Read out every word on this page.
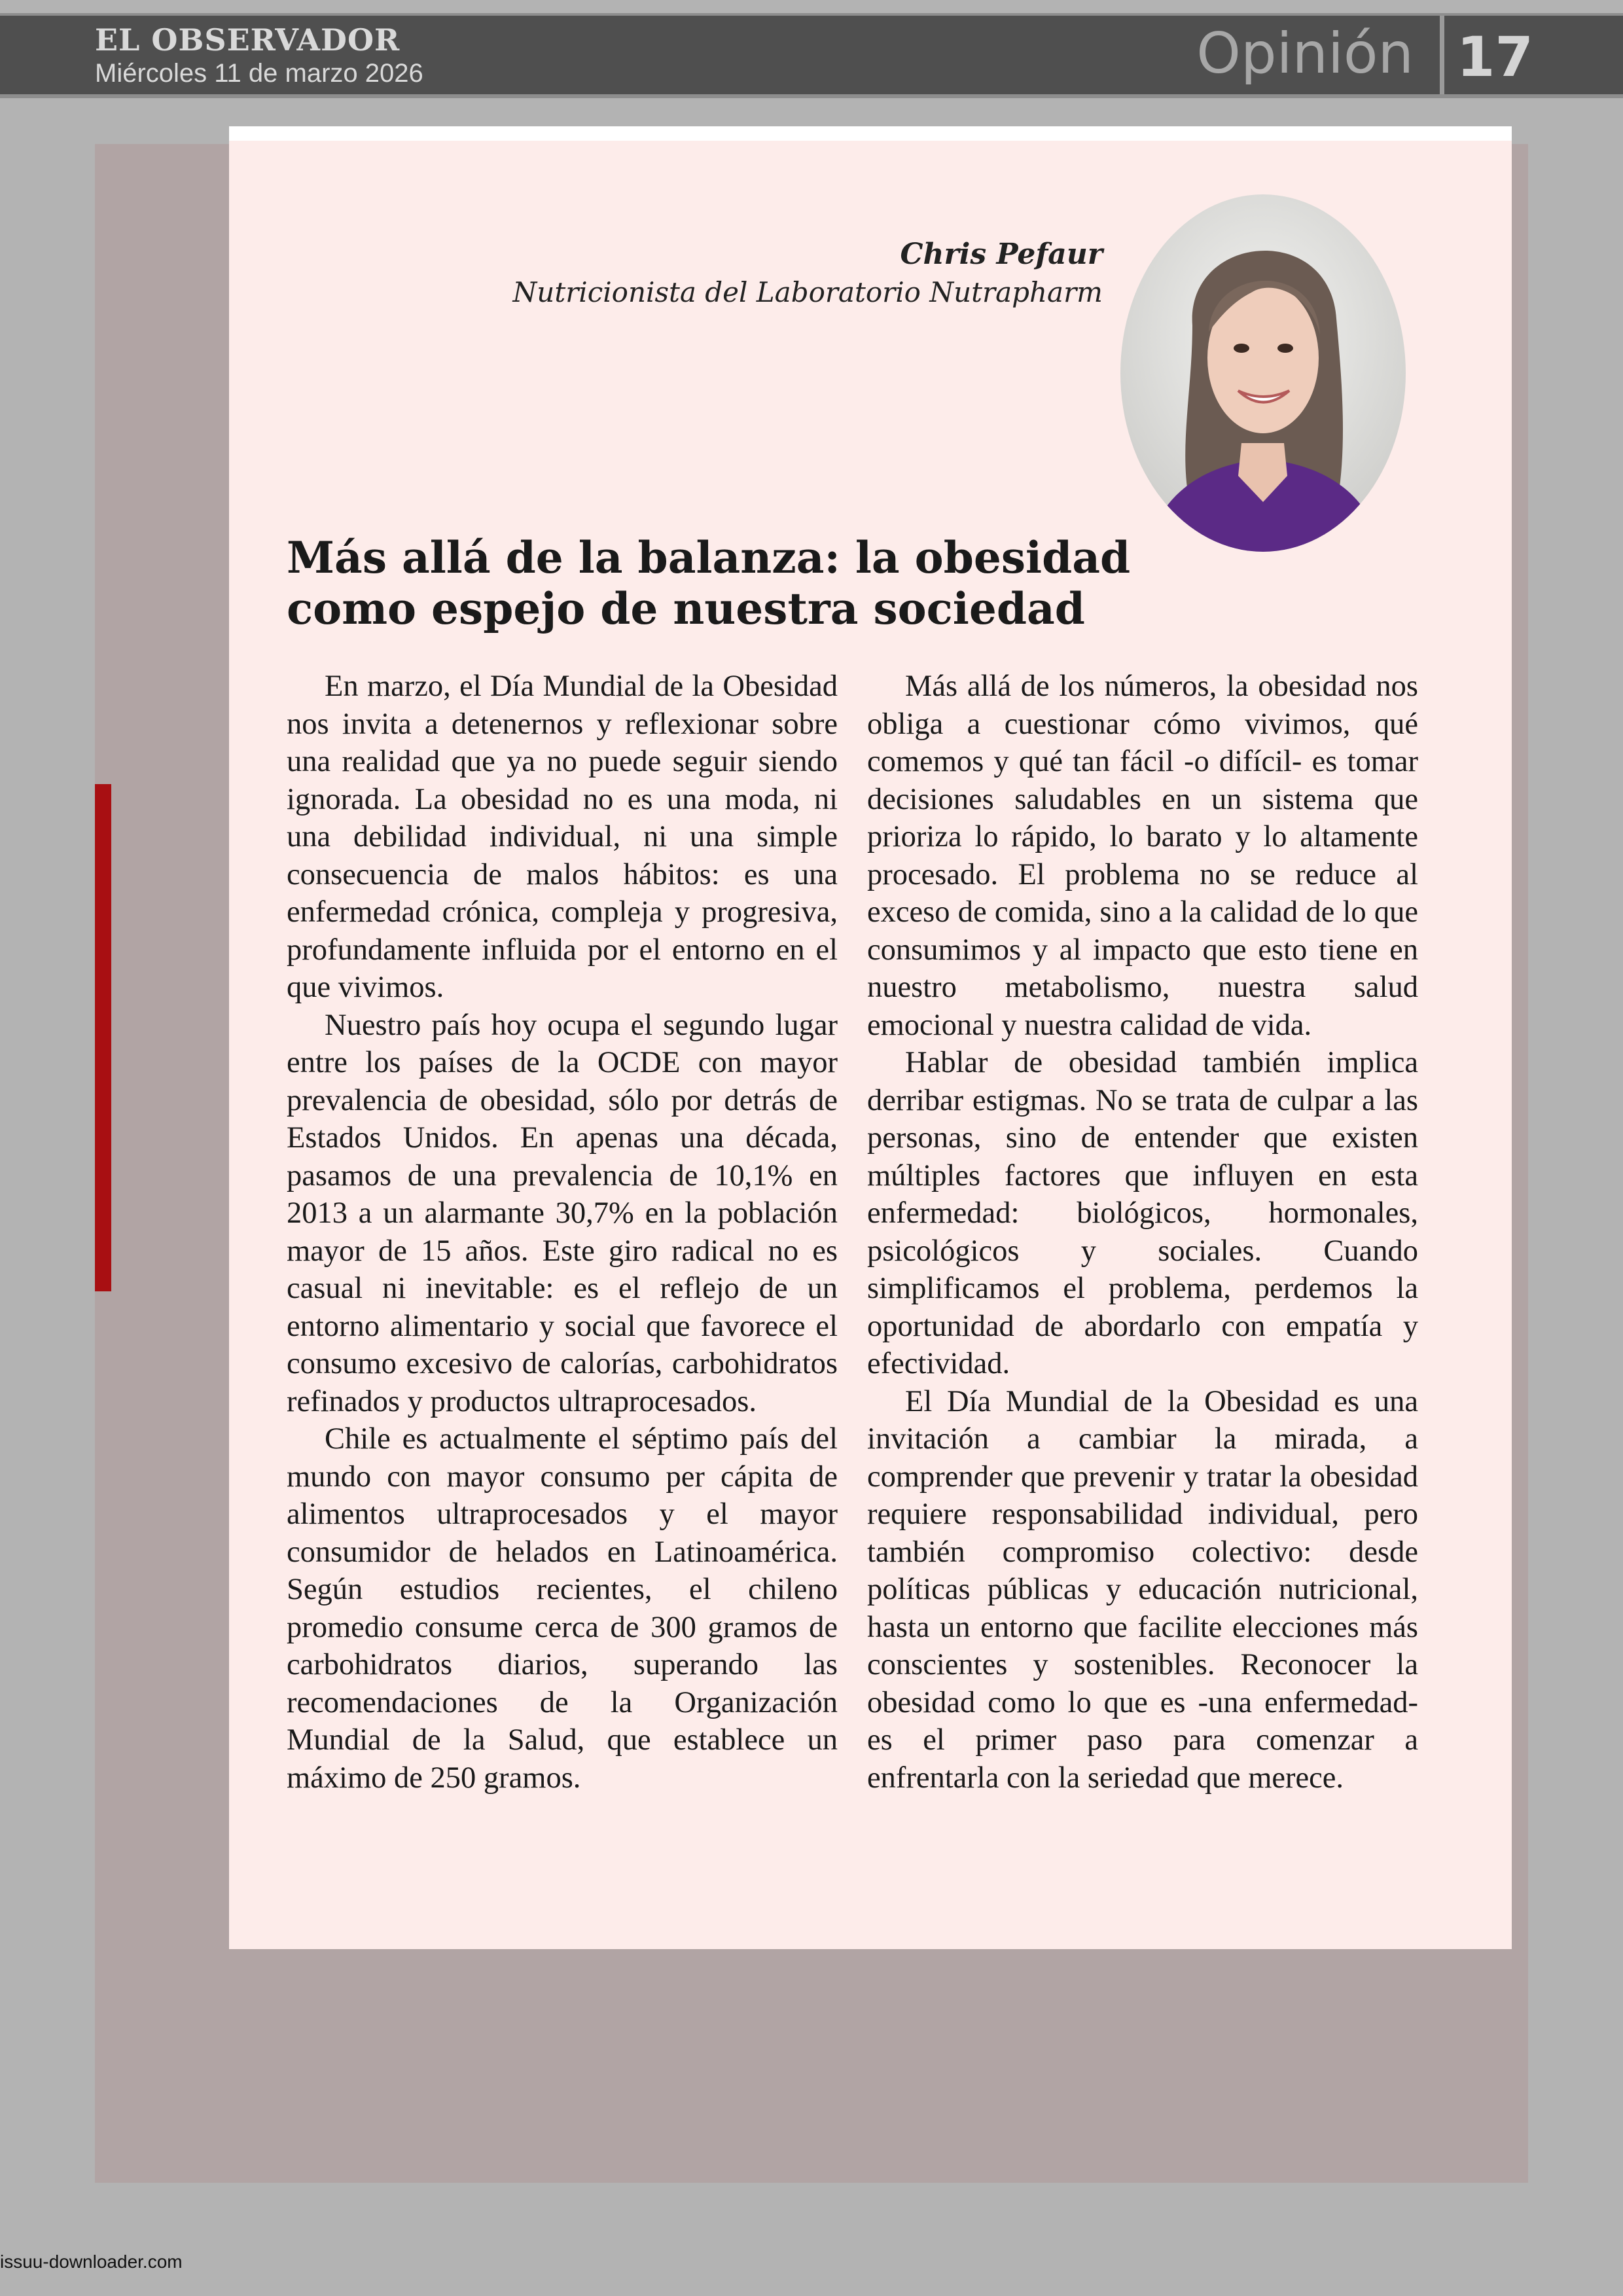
EL OBSERVADOR
Miércoles 11 de marzo 2026	Opinión 17
Chris Pefaur
Nutricionista del Laboratorio Nutrapharm
Más allá de la balanza: la obesidad como espejo de nuestra sociedad

En marzo, el Día Mundial de la Obesidad nos invita a detenernos y reflexionar sobre una realidad que ya no puede seguir siendo ignorada. La obesidad no es una moda, ni una debilidad individual, ni una simple consecuencia de malos hábitos: es una enfermedad crónica, compleja y progresiva, profundamente influida por el entorno en el que vivimos.

Nuestro país hoy ocupa el segundo lugar entre los países de la OCDE con mayor prevalencia de obesidad, sólo por detrás de Estados Unidos. En apenas una década, pasamos de una prevalencia de 10,1% en 2013 a un alarmante 30,7% en la población mayor de 15 años. Este giro radical no es casual ni inevitable: es el reflejo de un entorno alimentario y social que favorece el consumo excesivo de calorías, carbohidratos refinados y productos ultraprocesados.

Chile es actualmente el séptimo país del mundo con mayor consumo per cápita de alimentos ultraprocesados y el mayor consumidor de helados en Latinoamérica. Según estudios recientes, el chileno promedio consume cerca de 300 gramos de carbohidratos diarios, superando las recomendaciones de la Organización Mundial de la Salud, que establece un máximo de 250 gramos.

Más allá de los números, la obesidad nos obliga a cuestionar cómo vivimos, qué comemos y qué tan fácil -o difícil- es tomar decisiones saludables en un sistema que prioriza lo rápido, lo barato y lo altamente procesado. El problema no se reduce al exceso de comida, sino a la calidad de lo que consumimos y al impacto que esto tiene en nuestro metabolismo, nuestra salud emocional y nuestra calidad de vida.

Hablar de obesidad también implica derribar estigmas. No se trata de culpar a las personas, sino de entender que existen múltiples factores que influyen en esta enfermedad: biológicos, hormonales, psicológicos y sociales. Cuando simplificamos el problema, perdemos la oportunidad de abordarlo con empatía y efectividad.

El Día Mundial de la Obesidad es una invitación a cambiar la mirada, a comprender que prevenir y tratar la obesidad requiere responsabilidad individual, pero también compromiso colectivo: desde políticas públicas y educación nutricional, hasta un entorno que facilite elecciones más conscientes y sostenibles. Reconocer la obesidad como lo que es -una enfermedad- es el primer paso para comenzar a enfrentarla con la seriedad que merece.

issuu-downloader.com
